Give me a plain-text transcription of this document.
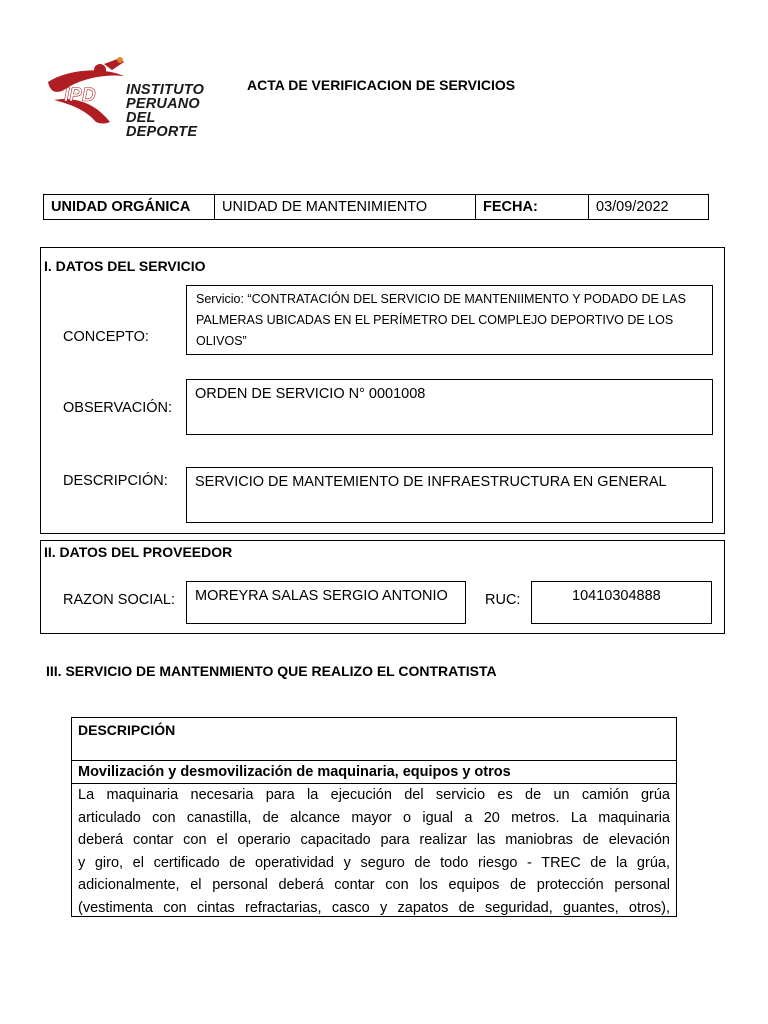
IPD INSTITUTO
PERUANO
DEL DEPORTE
ACTA DE VERIFICACION DE SERVICIOS
UNIDAD ORGÁNICA	UNIDAD DE MANTENIMIENTO	FECHA:	03/09/2022
I. DATOS DEL SERVICIO
CONCEPTO:
Servicio: “CONTRATACIÓN DEL SERVICIO DE MANTENIIMENTO Y PODADO DE LAS PALMERAS UBICADAS EN EL PERÍMETRO DEL COMPLEJO DEPORTIVO DE LOS OLIVOS”
OBSERVACIÓN:
ORDEN DE SERVICIO N° 0001008
DESCRIPCIÓN:	SERVICIO DE MANTEMIENTO DE INFRAESTRUCTURA EN GENERAL
II. DATOS DEL PROVEEDOR
RAZON SOCIAL:	MOREYRA SALAS SERGIO ANTONIO	RUC:	10410304888
III. SERVICIO DE MANTENMIENTO QUE REALIZO EL CONTRATISTA
DESCRIPCIÓN
Movilización y desmovilización de maquinaria, equipos y otros
La maquinaria necesaria para la ejecución del servicio es de un camión grúa
articulado con canastilla, de alcance mayor o igual a 20 metros. La maquinaria
deberá contar con el operario capacitado para realizar las maniobras de elevación
y giro, el certificado de operatividad y seguro de todo riesgo - TREC de la grúa,
adicionalmente, el personal deberá contar con los equipos de protección personal
(vestimenta con cintas refractarias, casco y zapatos de seguridad, guantes, otros),
